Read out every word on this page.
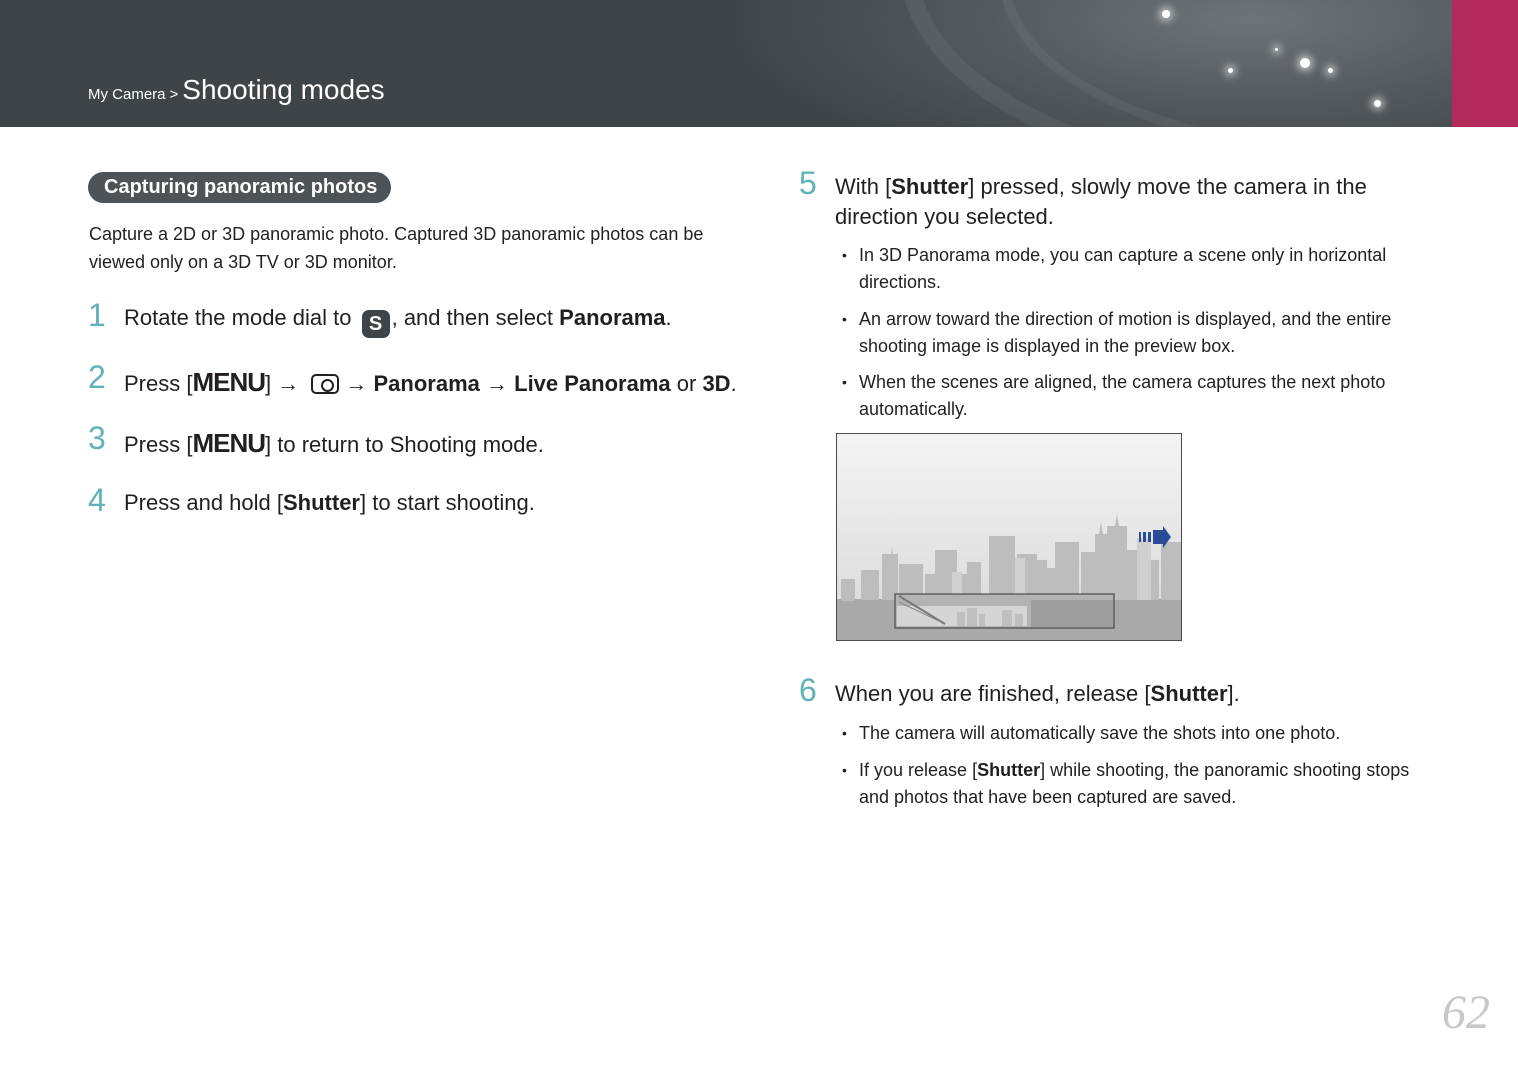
My Camera > Shooting modes
Capturing panoramic photos
Capture a 2D or 3D panoramic photo. Captured 3D panoramic photos can be viewed only on a 3D TV or 3D monitor.
1 Rotate the mode dial to S , and then select Panorama.
2 Press [MENU] → → Panorama → Live Panorama or 3D.
3 Press [MENU] to return to Shooting mode.
4 Press and hold [Shutter] to start shooting.
5 With [Shutter] pressed, slowly move the camera in the
direction you selected.
• In 3D Panorama mode, you can capture a scene only in horizontal directions.
• An arrow toward the direction of motion is displayed, and the entire shooting image is displayed in the preview box.
• When the scenes are aligned, the camera captures the next photo automatically.
6 When you are finished, release [Shutter].
• The camera will automatically save the shots into one photo.
• If you release [Shutter] while shooting, the panoramic shooting stops and photos that have been captured are saved.
62
